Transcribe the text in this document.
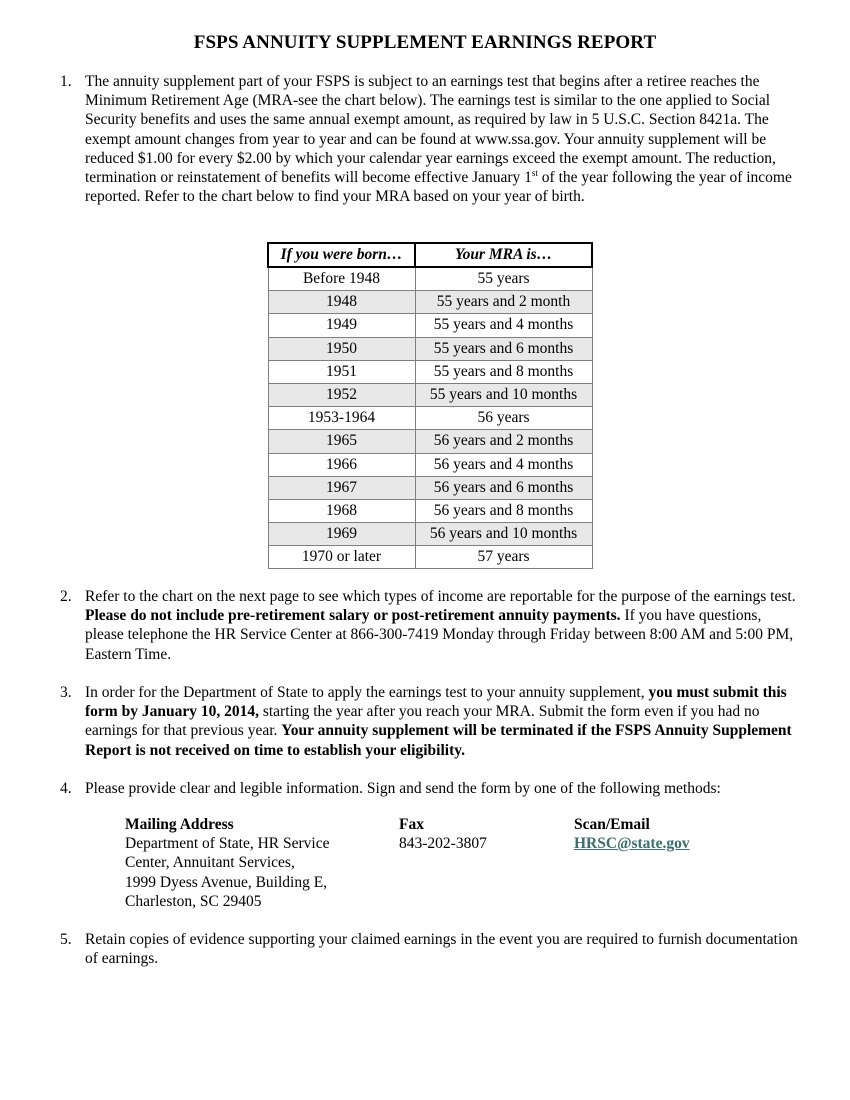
FSPS ANNUITY SUPPLEMENT EARNINGS REPORT
1. The annuity supplement part of your FSPS is subject to an earnings test that begins after a retiree reaches the Minimum Retirement Age (MRA-see the chart below). The earnings test is similar to the one applied to Social Security benefits and uses the same annual exempt amount, as required by law in 5 U.S.C. Section 8421a. The exempt amount changes from year to year and can be found at www.ssa.gov. Your annuity supplement will be reduced $1.00 for every $2.00 by which your calendar year earnings exceed the exempt amount. The reduction, termination or reinstatement of benefits will become effective January 1st of the year following the year of income reported. Refer to the chart below to find your MRA based on your year of birth.
If you were born…	Your MRA is…
Before 1948	55 years
1948	55 years and 2 month
1949	55 years and 4 months
1950	55 years and 6 months
1951	55 years and 8 months
1952	55 years and 10 months
1953-1964	56 years
1965	56 years and 2 months
1966	56 years and 4 months
1967	56 years and 6 months
1968	56 years and 8 months
1969	56 years and 10 months
1970 or later	57 years
2. Refer to the chart on the next page to see which types of income are reportable for the purpose of the earnings test. Please do not include pre-retirement salary or post-retirement annuity payments. If you have questions, please telephone the HR Service Center at 866-300-7419 Monday through Friday between 8:00 AM and 5:00 PM, Eastern Time.
3. In order for the Department of State to apply the earnings test to your annuity supplement, you must submit this form by January 10, 2014, starting the year after you reach your MRA. Submit the form even if you had no earnings for that previous year. Your annuity supplement will be terminated if the FSPS Annuity Supplement Report is not received on time to establish your eligibility.
4. Please provide clear and legible information. Sign and send the form by one of the following methods:
Mailing Address
Department of State, HR Service
Center, Annuitant Services,
1999 Dyess Avenue, Building E,
Charleston, SC 29405
Fax
843-202-3807
Scan/Email
HRSC@state.gov
5. Retain copies of evidence supporting your claimed earnings in the event you are required to furnish documentation of earnings.
